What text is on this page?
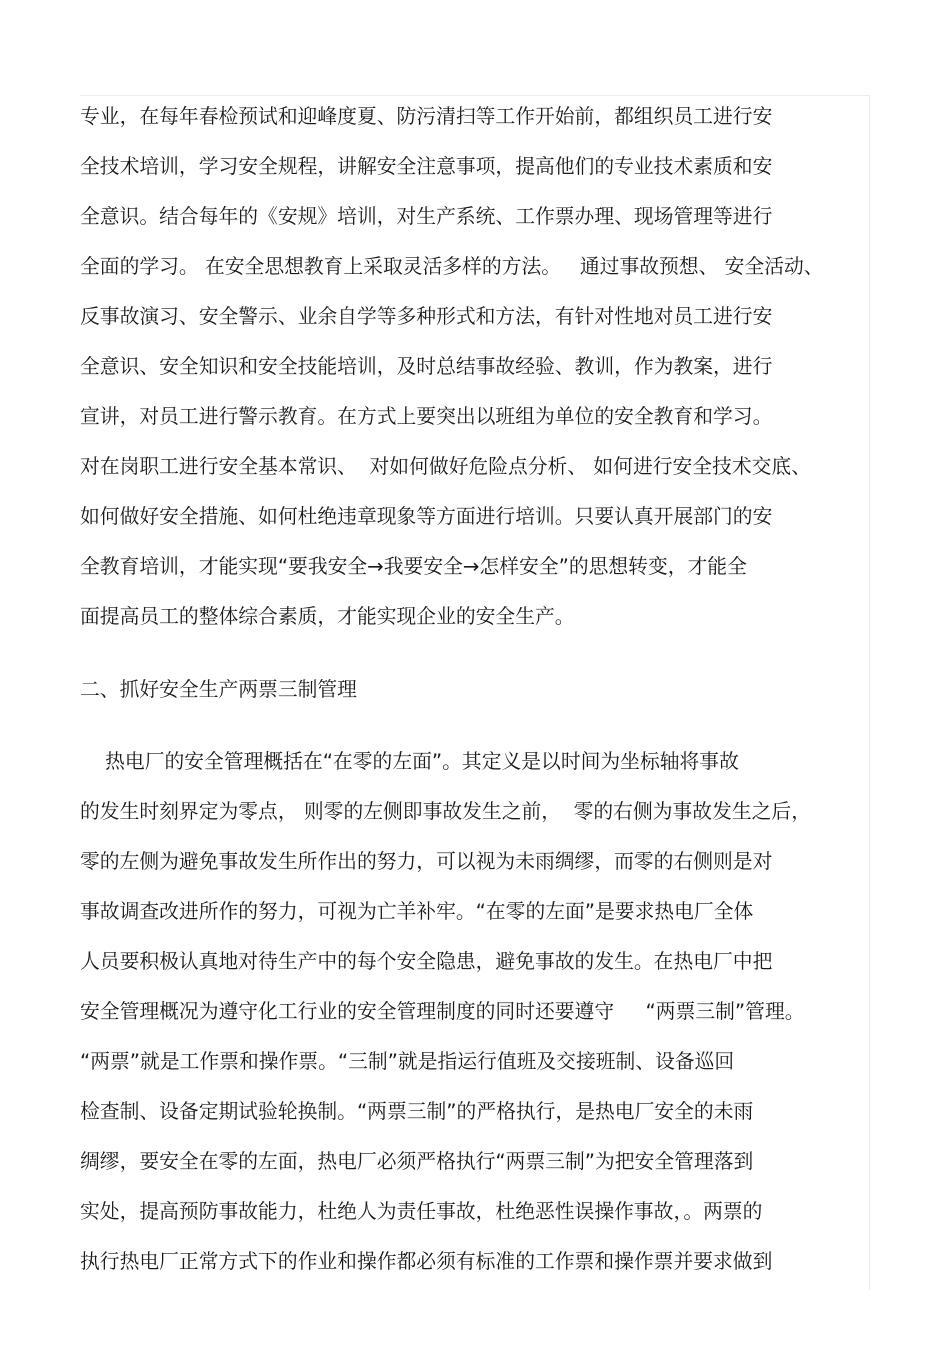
专业，在每年春检预试和迎峰度夏、防污清扫等工作开始前，都组织员工进行安
全技术培训，学习安全规程，讲解安全注意事项，提高他们的专业技术素质和安
全意识。结合每年的《安规》培训，对生产系统、工作票办理、现场管理等进行
全面的学习。 在安全思想教育上采取灵活多样的方法。   通过事故预想、 安全活动、
反事故演习、安全警示、业余自学等多种形式和方法，有针对性地对员工进行安
全意识、安全知识和安全技能培训，及时总结事故经验、教训，作为教案，进行
宣讲，对员工进行警示教育。在方式上要突出以班组为单位的安全教育和学习。
对在岗职工进行安全基本常识、  对如何做好危险点分析、 如何进行安全技术交底、
如何做好安全措施、如何杜绝违章现象等方面进行培训。只要认真开展部门的安
全教育培训，才能实现“要我安全→我要安全→怎样安全”的思想转变，才能全
面提高员工的整体综合素质，才能实现企业的安全生产。
二、抓好安全生产两票三制管理
热电厂的安全管理概括在“在零的左面”。其定义是以时间为坐标轴将事故
的发生时刻界定为零点， 则零的左侧即事故发生之前，  零的右侧为事故发生之后，
零的左侧为避免事故发生所作出的努力，可以视为未雨绸缪，而零的右侧则是对
事故调查改进所作的努力，可视为亡羊补牢。“在零的左面”是要求热电厂全体
人员要积极认真地对待生产中的每个安全隐患，避免事故的发生。在热电厂中把
安全管理概况为遵守化工行业的安全管理制度的同时还要遵守     “两票三制”管理。
“两票”就是工作票和操作票。“三制”就是指运行值班及交接班制、设备巡回
检查制、设备定期试验轮换制。“两票三制”的严格执行，是热电厂安全的未雨
绸缪，要安全在零的左面，热电厂必须严格执行“两票三制”为把安全管理落到
实处，提高预防事故能力，杜绝人为责任事故，杜绝恶性误操作事故，。两票的
执行热电厂正常方式下的作业和操作都必须有标准的工作票和操作票并要求做到
